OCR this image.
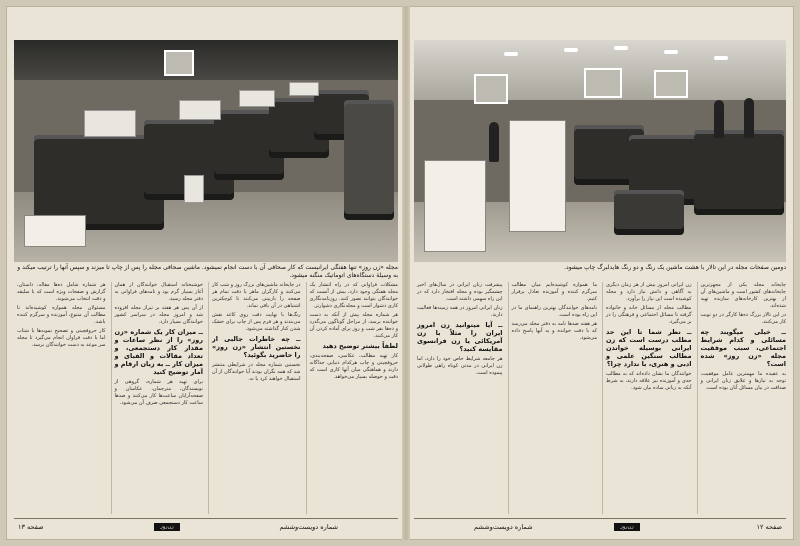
مجله «زن روز» تنها هفتگی ایرانیست که کار صحافی آن با دست انجام نمیشود. ماشین صحافی مجله را پس از چاپ تا میزند و سپس آنها را ترتیب میکند و به وسیلهٔ دستگاه‌های اتوماتیک منگنه میشود.
دومین صفحات مجله در این تالار با هشت ماشین یک رنگ و دو رنگ هایدلبرگ چاپ میشود.

مشکلات فراوانی که در راه انتشار یک مجله هفتگی وجود دارد، بیش از آنست که خوانندگان بتوانند تصور کنند. روزنامه‌نگاری کاری دشوار است و مجله‌نگاری دشوارتر.

هر شماره مجله پیش از آنکه به دست خواننده برسد، از مراحل گوناگون می‌گذرد و ده‌ها نفر شب و روز برای آماده کردن آن کار می‌کنند.

لطفاً بیشتر توضیح دهید

کار تهیه مطالب، عکاسی، صفحه‌بندی، حروفچینی و چاپ هرکدام دنیایی جداگانه دارند و هماهنگی میان آنها کاری است که دقت و حوصله بسیار می‌خواهد.

در چاپخانه ماشین‌های بزرگ روز و شب کار می‌کنند و کارگران ماهر با دقت تمام هر صفحه را بازبینی می‌کنند تا کوچکترین اشتباهی در آن باقی نماند.

رنگ‌ها با نهایت دقت روی کاغذ نقش می‌بندند و هر فرم پس از چاپ برای خشک شدن کنار گذاشته می‌شود.

ــ چه خاطرات جالبی از نخستین انتشار «زن روز» را حاضرید بگوئید؟

نخستین شماره مجله در شرایطی منتشر شد که همه نگران بودند آیا خوانندگان از آن استقبال خواهند کرد یا نه.

خوشبختانه استقبال خوانندگان از همان آغاز بسیار گرم بود و نامه‌های فراوانی به دفتر مجله رسید.

از آن پس هر هفته بر تیراژ مجله افزوده شد و امروز مجله در سراسر کشور خوانندگان بسیار دارد.

ــ میزان کار یک شماره «زن روز» را از نظر ساعات و مقدار کار دستجمعی، و تعداد مقالات و الفبای و میزان کار ــ به زبان ارقام و آمار توضیح کنید

برای تهیه هر شماره، گروهی از نویسندگان، مترجمان، عکاسان و صفحه‌آرایان ساعت‌ها کار می‌کنند و صدها ساعت کار دستجمعی صرف آن می‌شود.

هر شماره شامل ده‌ها مقاله، داستان، گزارش و صفحات ویژه است که با سلیقه و دقت انتخاب می‌شوند.

مسئولان مجله همواره کوشیده‌اند تا مطالب آن متنوع، آموزنده و سرگرم کننده باشد.

کار حروفچینی و تصحیح نمونه‌ها با شتاب اما با دقت فراوان انجام می‌گیرد تا مجله سر موعد به دست خوانندگان برسد.

چاپخانه مجله یکی از مجهزترین چاپخانه‌های کشور است و ماشین‌های آن از بهترین کارخانه‌های سازنده تهیه شده‌اند.

در این تالار بزرگ ده‌ها کارگر در دو نوبت کار می‌کنند.

ــ خیلی میگویند چه مسائلی و کدام شرایط اجتماعی، سبب موفقیت مجله «زن روز» شده است؟

به عقیده ما مهمترین عامل موفقیت، توجه به نیازها و علایق زنان ایرانی و صداقت در بیان مسائل آنان بوده است.

زن ایرانی امروز بیش از هر زمان دیگری به آگاهی و دانش نیاز دارد و مجله کوشیده است این نیاز را برآورد.

مطالب مجله از مسائل خانه و خانواده گرفته تا مسائل اجتماعی و فرهنگی را در بر می‌گیرد.

ــ نظر شما تا این حد مطلب درست است که زن ایرانی بوسیله خواندن مطالب سنگین علمی و ادبی و هنری، با ندارد چرا؟

خوانندگان ما نشان داده‌اند که به مطالب جدی و آموزنده نیز علاقه دارند، به شرط آنکه به زبانی ساده بیان شود.

ما همواره کوشیده‌ایم میان مطالب سرگرم کننده و آموزنده تعادل برقرار کنیم.

نامه‌های خوانندگان بهترین راهنمای ما در این راه بوده است.

هر هفته صدها نامه به دفتر مجله می‌رسد که با دقت خوانده و به آنها پاسخ داده می‌شود.

پیشرفت زنان ایرانی در سال‌های اخیر چشمگیر بوده و مجله افتخار دارد که در این راه سهمی داشته است.

زنان ایرانی امروز در همه زمینه‌ها فعالیت دارند.

ــ آیا میتوانید زن امروز ایران را مثلاً با زن آمریکائی یا زن فرانسوی مقایسه کنید؟

هر جامعه شرایط خاص خود را دارد، اما زن ایرانی در مدتی کوتاه راهی طولانی پیموده است.

صفحه ۱۳	زن‌روز	شماره دویست‌وششم	صفحه ۱۲
زن‌روز
شماره دویست‌وششم
